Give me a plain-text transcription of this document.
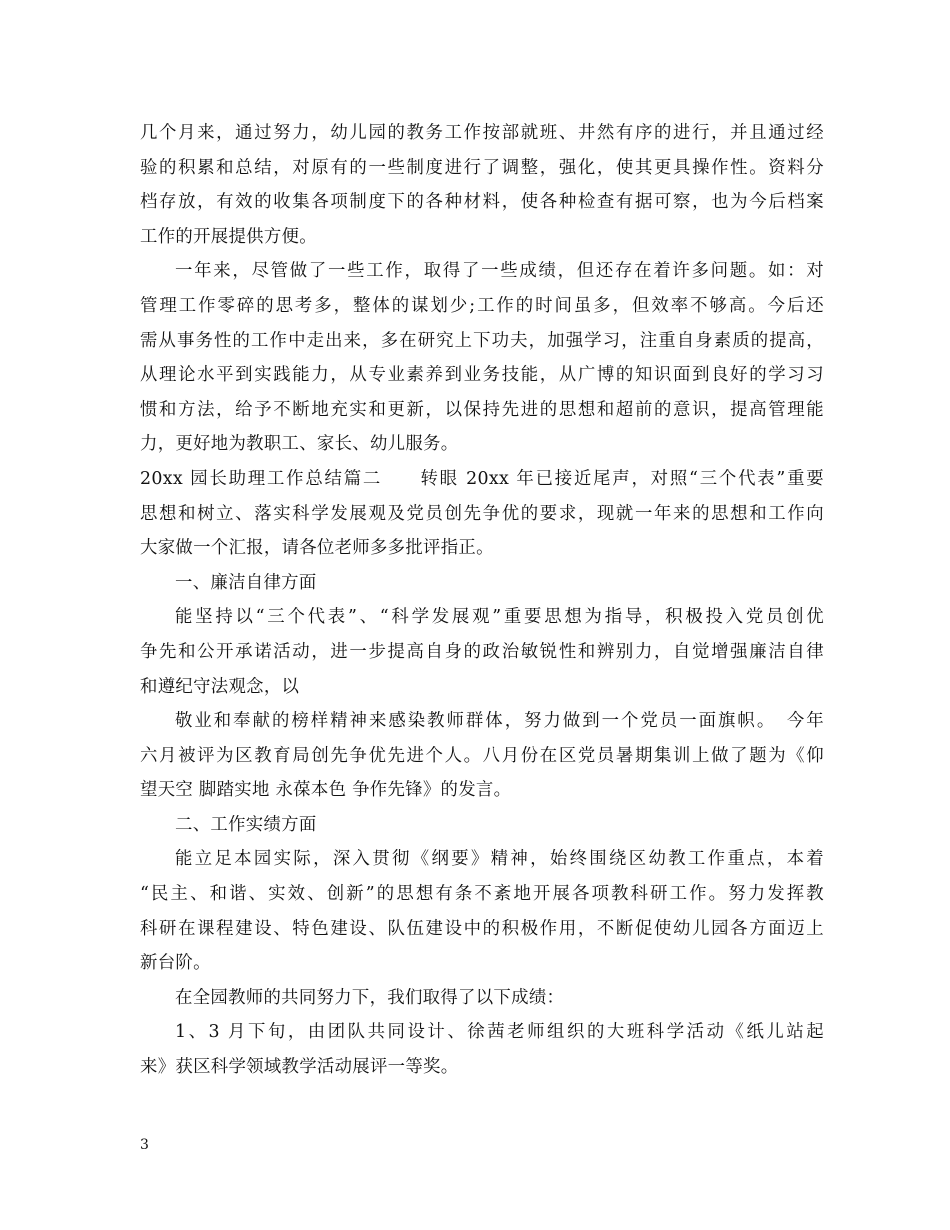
几个月来，通过努力，幼儿园的教务工作按部就班、井然有序的进行，并且通过经
验的积累和总结，对原有的一些制度进行了调整，强化，使其更具操作性。资料分
档存放，有效的收集各项制度下的各种材料，使各种检查有据可察，也为今后档案
工作的开展提供方便。
一年来，尽管做了一些工作，取得了一些成绩，但还存在着许多问题。如：对
管理工作零碎的思考多，整体的谋划少;工作的时间虽多，但效率不够高。今后还
需从事务性的工作中走出来，多在研究上下功夫，加强学习，注重自身素质的提高，
从理论水平到实践能力，从专业素养到业务技能，从广博的知识面到良好的学习习
惯和方法，给予不断地充实和更新，以保持先进的思想和超前的意识，提高管理能
力，更好地为教职工、家长、幼儿服务。
20xx 园长助理工作总结篇二　　转眼 20xx 年已接近尾声，对照“三个代表”重要
思想和树立、落实科学发展观及党员创先争优的要求，现就一年来的思想和工作向
大家做一个汇报，请各位老师多多批评指正。
一、廉洁自律方面
能坚持以“三个代表”、“科学发展观”重要思想为指导，积极投入党员创优
争先和公开承诺活动，进一步提高自身的政治敏锐性和辨别力，自觉增强廉洁自律
和遵纪守法观念，以
敬业和奉献的榜样精神来感染教师群体，努力做到一个党员一面旗帜。　今年
六月被评为区教育局创先争优先进个人。八月份在区党员暑期集训上做了题为《仰
望天空 脚踏实地 永葆本色 争作先锋》的发言。
二、工作实绩方面
能立足本园实际，深入贯彻《纲要》精神，始终围绕区幼教工作重点，本着
“民主、和谐、实效、创新”的思想有条不紊地开展各项教科研工作。努力发挥教
科研在课程建设、特色建设、队伍建设中的积极作用，不断促使幼儿园各方面迈上
新台阶。
在全园教师的共同努力下，我们取得了以下成绩：
1、3 月下旬，由团队共同设计、徐茜老师组织的大班科学活动《纸儿站起
来》获区科学领域教学活动展评一等奖。
3
